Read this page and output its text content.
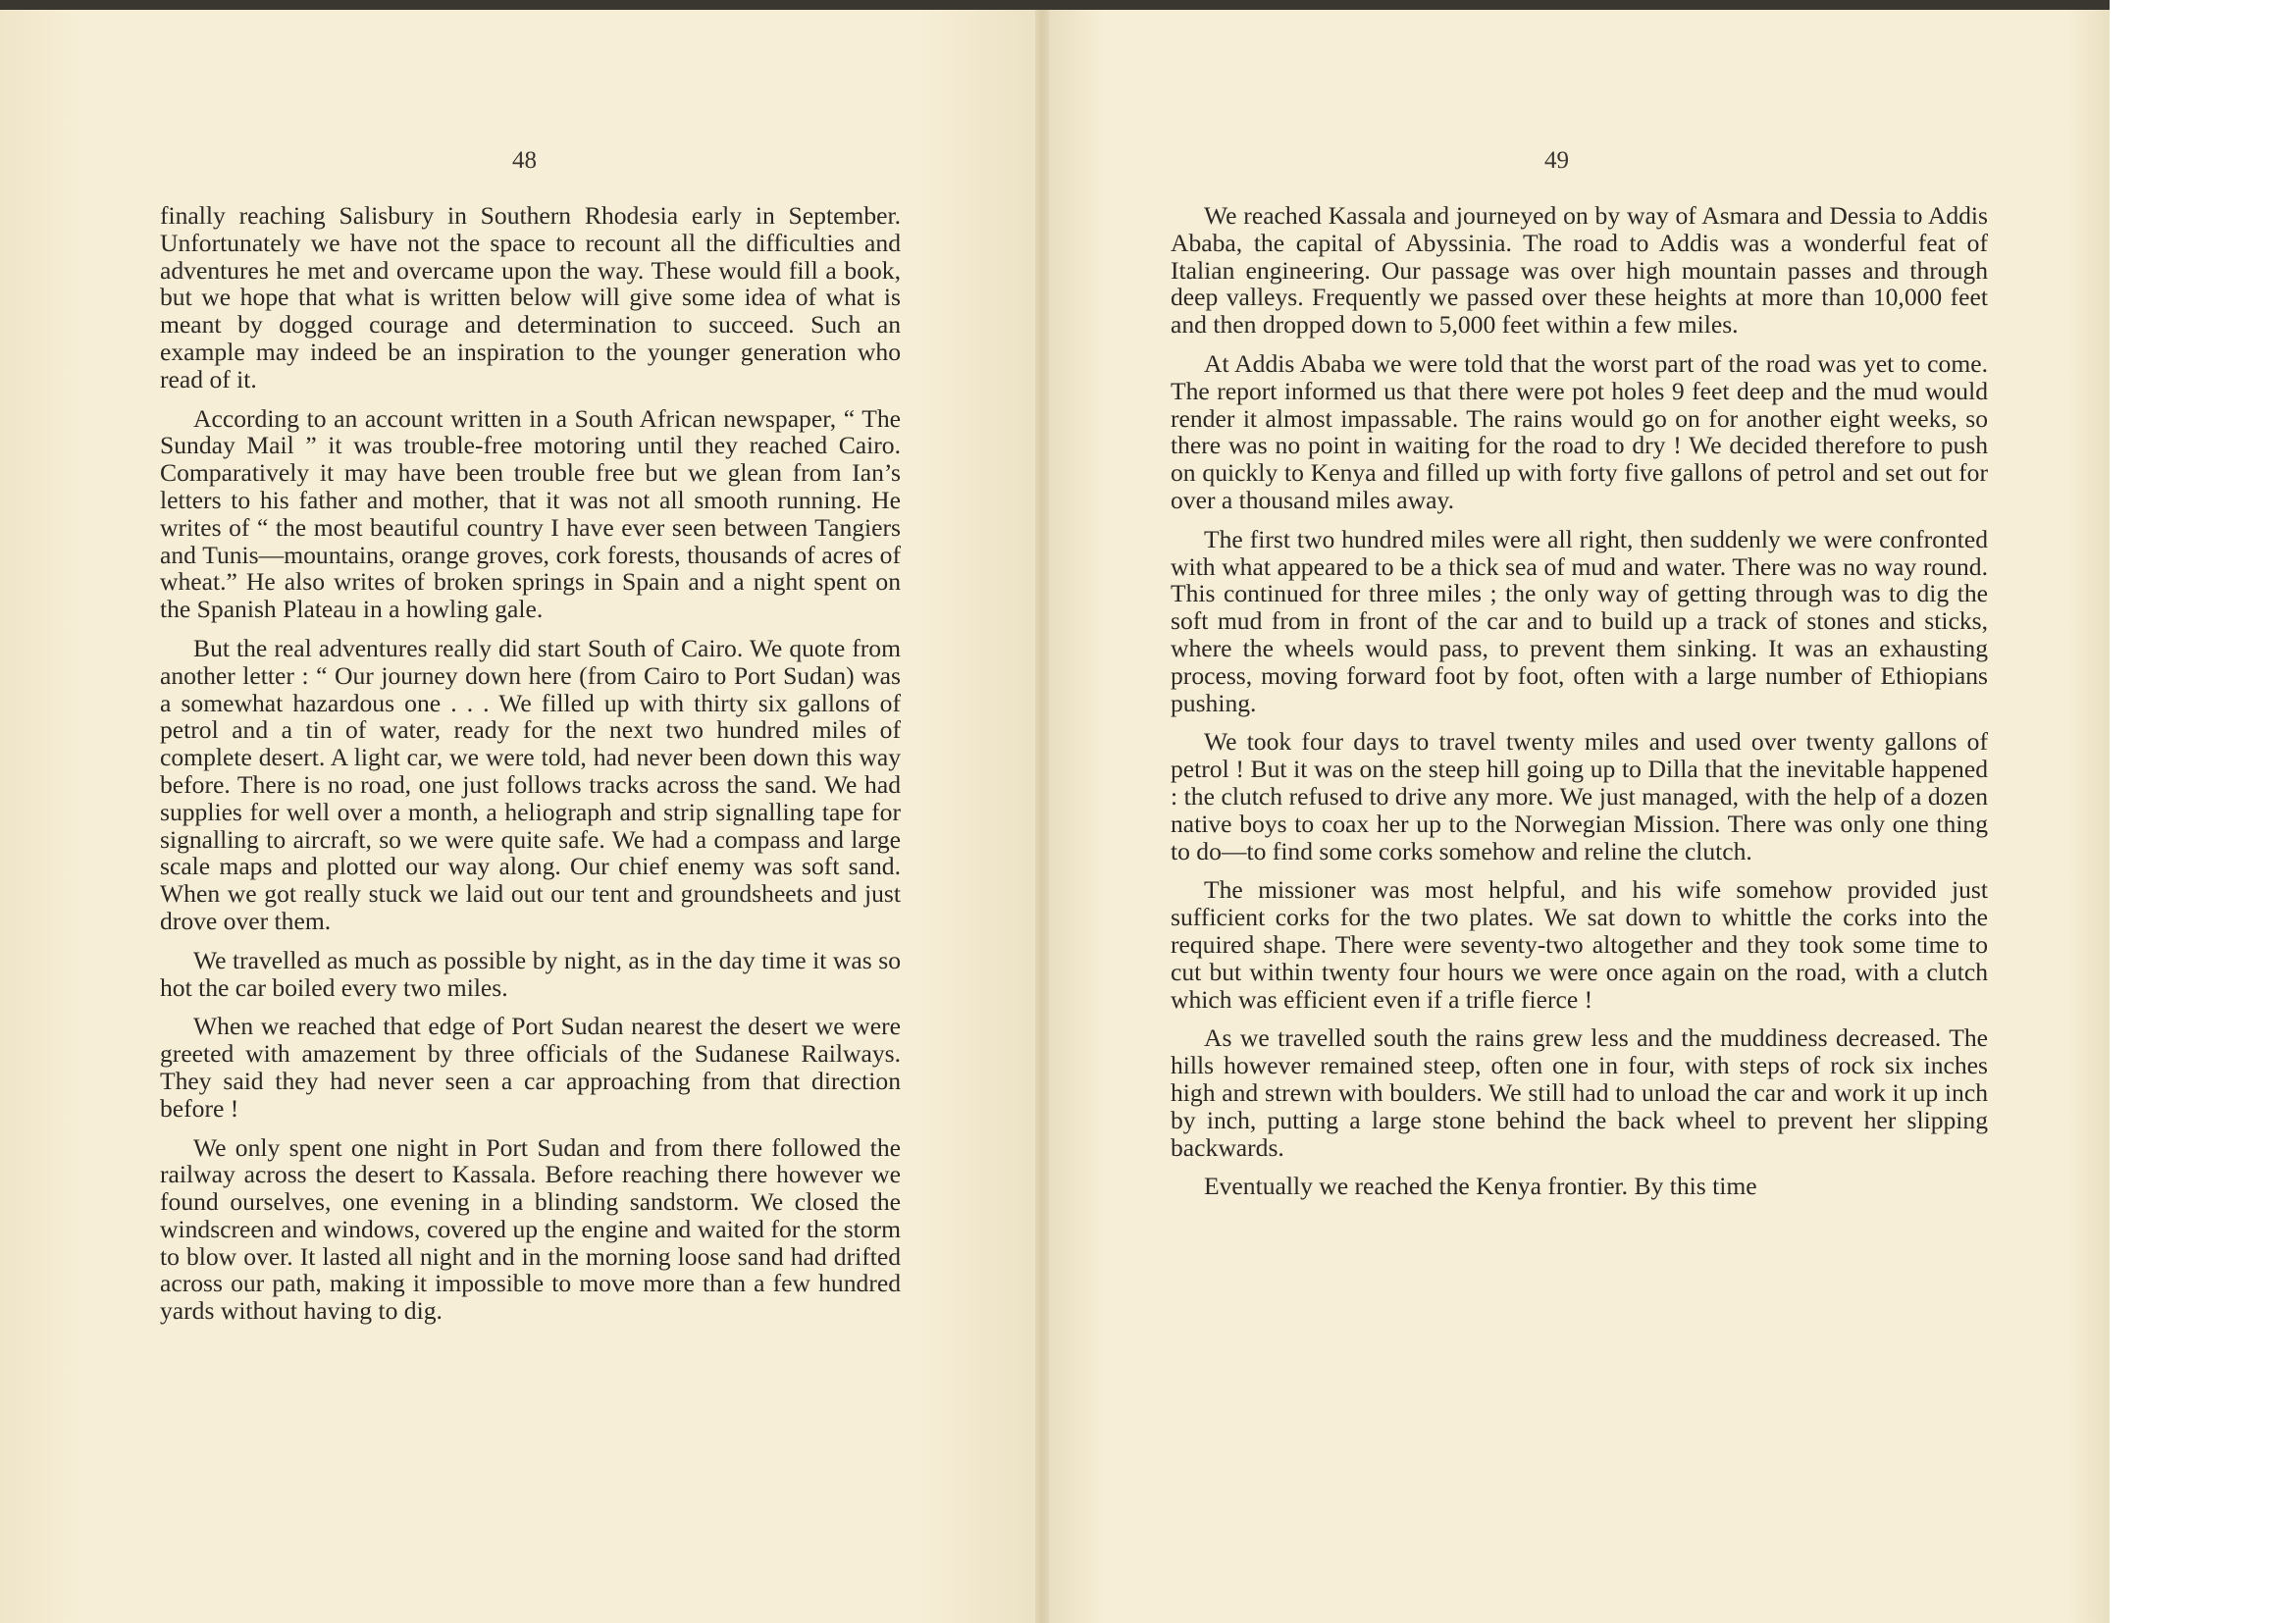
48

finally reaching Salisbury in Southern Rhodesia early in September. Unfortunately we have not the space to recount all the difficulties and adventures he met and overcame upon the way. These would fill a book, but we hope that what is written below will give some idea of what is meant by dogged courage and determination to succeed. Such an example may indeed be an inspiration to the younger generation who read of it.

According to an account written in a South African newspaper, “ The Sunday Mail ” it was trouble-free motoring until they reached Cairo. Comparatively it may have been trouble free but we glean from Ian’s letters to his father and mother, that it was not all smooth running. He writes of “ the most beautiful country I have ever seen between Tangiers and Tunis—mountains, orange groves, cork forests, thousands of acres of wheat.” He also writes of broken springs in Spain and a night spent on the Spanish Plateau in a howling gale.

But the real adventures really did start South of Cairo. We quote from another letter : “ Our journey down here (from Cairo to Port Sudan) was a somewhat hazardous one . . . We filled up with thirty six gallons of petrol and a tin of water, ready for the next two hundred miles of complete desert. A light car, we were told, had never been down this way before. There is no road, one just follows tracks across the sand. We had supplies for well over a month, a heliograph and strip signalling tape for signalling to aircraft, so we were quite safe. We had a compass and large scale maps and plotted our way along. Our chief enemy was soft sand. When we got really stuck we laid out our tent and groundsheets and just drove over them.

We travelled as much as possible by night, as in the day time it was so hot the car boiled every two miles.

When we reached that edge of Port Sudan nearest the desert we were greeted with amazement by three officials of the Sudanese Railways. They said they had never seen a car approaching from that direction before !

We only spent one night in Port Sudan and from there followed the railway across the desert to Kassala. Before reaching there however we found ourselves, one evening in a blinding sandstorm. We closed the windscreen and windows, covered up the engine and waited for the storm to blow over. It lasted all night and in the morning loose sand had drifted across our path, making it impossible to move more than a few hundred yards without having to dig.

49

We reached Kassala and journeyed on by way of Asmara and Dessia to Addis Ababa, the capital of Abyssinia. The road to Addis was a wonderful feat of Italian engineering. Our passage was over high mountain passes and through deep valleys. Frequently we passed over these heights at more than 10,000 feet and then dropped down to 5,000 feet within a few miles.

At Addis Ababa we were told that the worst part of the road was yet to come. The report informed us that there were pot holes 9 feet deep and the mud would render it almost impassable. The rains would go on for another eight weeks, so there was no point in waiting for the road to dry ! We decided therefore to push on quickly to Kenya and filled up with forty five gallons of petrol and set out for over a thousand miles away.

The first two hundred miles were all right, then suddenly we were confronted with what appeared to be a thick sea of mud and water. There was no way round. This continued for three miles ; the only way of getting through was to dig the soft mud from in front of the car and to build up a track of stones and sticks, where the wheels would pass, to prevent them sinking. It was an exhausting process, moving forward foot by foot, often with a large number of Ethiopians pushing.

We took four days to travel twenty miles and used over twenty gallons of petrol ! But it was on the steep hill going up to Dilla that the inevitable happened : the clutch refused to drive any more. We just managed, with the help of a dozen native boys to coax her up to the Norwegian Mission. There was only one thing to do—to find some corks somehow and reline the clutch.

The missioner was most helpful, and his wife somehow provided just sufficient corks for the two plates. We sat down to whittle the corks into the required shape. There were seventy-two altogether and they took some time to cut but within twenty four hours we were once again on the road, with a clutch which was efficient even if a trifle fierce !

As we travelled south the rains grew less and the muddiness decreased. The hills however remained steep, often one in four, with steps of rock six inches high and strewn with boulders. We still had to unload the car and work it up inch by inch, putting a large stone behind the back wheel to prevent her slipping backwards.

Eventually we reached the Kenya frontier. By this time
